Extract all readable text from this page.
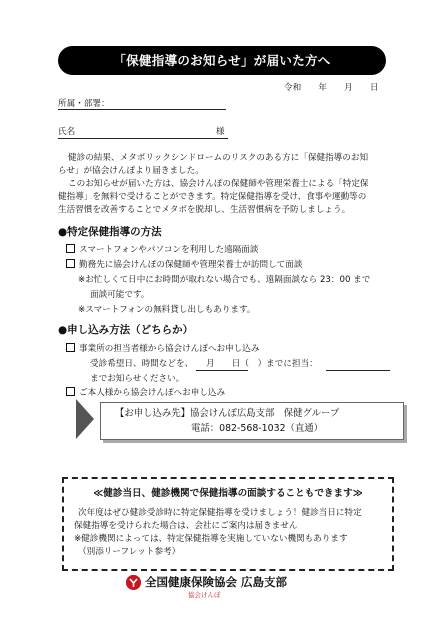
「保健指導のお知らせ」が届いた方へ
令和　　年　　月　　日
所属・部署：
氏名	様
健診の結果、メタボリックシンドロームのリスクのある方に「保健指導のお知
らせ」が協会けんぽより届きました。
このお知らせが届いた方は、協会けんぽの保健師や管理栄養士による「特定保
健指導」を無料で受けることができます。特定保健指導を受け、食事や運動等の
生活習慣を改善することでメタボを脱却し、生活習慣病を予防しましょう。
●特定保健指導の方法
スマートフォンやパソコンを利用した遠隔面談
勤務先に協会けんぽの保健師や管理栄養士が訪問して面談
※お忙しくて日中にお時間が取れない場合でも、遠隔面談なら 23：00 まで
面談可能です。
※スマートフォンの無料貸し出しもあります。
●申し込み方法（どちらか）
事業所の担当者様から協会けんぽへお申し込み
受診希望日、時間などを、　　月　　日（　）までに担当：
までお知らせください。
ご本人様から協会けんぽへお申し込み
【お申し込み先】協会けんぽ広島支部　保健グループ
電話：082-568-1032（直通）
≪健診当日、健診機関で保健指導の面談することもできます≫
次年度はぜひ健診受診時に特定保健指導を受けましょう！健診当日に特定
保健指導を受けられた場合は、会社にご案内は届きません
※健診機関によっては、特定保健指導を実施していない機関もあります
（別添リーフレット参考）
全国健康保険協会 広島支部
協会けんぽ
